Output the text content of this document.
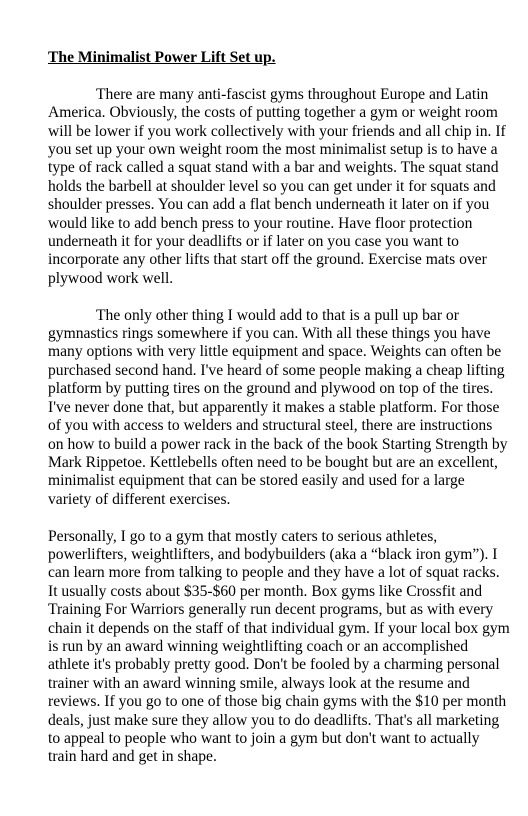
The Minimalist Power Lift Set up.

There are many anti-fascist gyms throughout Europe and Latin America. Obviously, the costs of putting together a gym or weight room will be lower if you work collectively with your friends and all chip in. If you set up your own weight room the most minimalist setup is to have a type of rack called a squat stand with a bar and weights. The squat stand holds the barbell at shoulder level so you can get under it for squats and shoulder presses. You can add a flat bench underneath it later on if you would like to add bench press to your routine. Have floor protection underneath it for your deadlifts or if later on you case you want to incorporate any other lifts that start off the ground. Exercise mats over plywood work well.

The only other thing I would add to that is a pull up bar or gymnastics rings somewhere if you can. With all these things you have many options with very little equipment and space. Weights can often be purchased second hand. I've heard of some people making a cheap lifting platform by putting tires on the ground and plywood on top of the tires. I've never done that, but apparently it makes a stable platform. For those of you with access to welders and structural steel, there are instructions on how to build a power rack in the back of the book Starting Strength by Mark Rippetoe. Kettlebells often need to be bought but are an excellent, minimalist equipment that can be stored easily and used for a large variety of different exercises.

Personally, I go to a gym that mostly caters to serious athletes, powerlifters, weightlifters, and bodybuilders (aka a “black iron gym”). I can learn more from talking to people and they have a lot of squat racks. It usually costs about $35-$60 per month. Box gyms like Crossfit and Training For Warriors generally run decent programs, but as with every chain it depends on the staff of that individual gym. If your local box gym is run by an award winning weightlifting coach or an accomplished athlete it's probably pretty good. Don't be fooled by a charming personal trainer with an award winning smile, always look at the resume and reviews. If you go to one of those big chain gyms with the $10 per month deals, just make sure they allow you to do deadlifts. That's all marketing to appeal to people who want to join a gym but don't want to actually train hard and get in shape.
